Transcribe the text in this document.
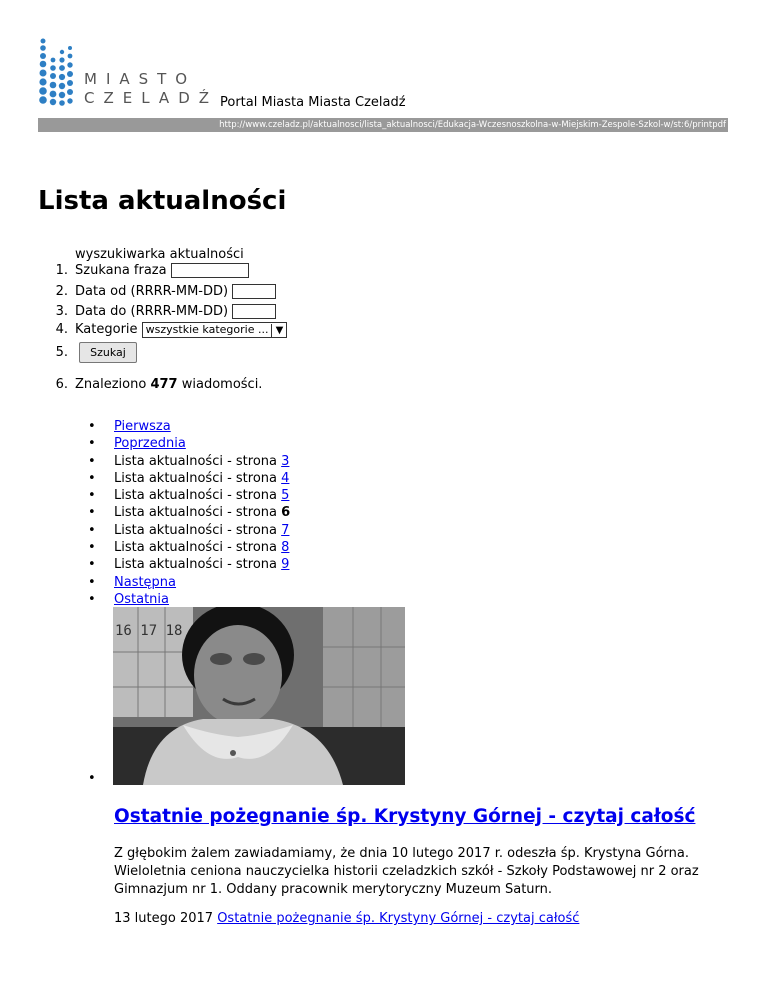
MIASTO
CZELADŹ Portal Miasta Miasta Czeladź
http://www.czeladz.pl/aktualnosci/lista_aktualnosci/Edukacja-Wczesnoszkolna-w-Miejskim-Zespole-Szkol-w/st:6/printpdf
Lista aktualności
wyszukiwarka aktualności
1. Szukana fraza
2. Data od (RRRR-MM-DD)
3. Data do (RRRR-MM-DD)
4. Kategorie wszystkie kategorie ... ▼
5. Szukaj
6. Znaleziono 477 wiadomości.
• Pierwsza
• Poprzednia
• Lista aktualności - strona 3
• Lista aktualności - strona 4
• Lista aktualności - strona 5
• Lista aktualności - strona 6
• Lista aktualności - strona 7
• Lista aktualności - strona 8
• Lista aktualności - strona 9
• Następna
• Ostatnia
16 17 18
•
Ostatnie pożegnanie śp. Krystyny Górnej - czytaj całość
Z głębokim żalem zawiadamiamy, że dnia 10 lutego 2017 r. odeszła śp. Krystyna Górna. Wieloletnia ceniona nauczycielka historii czeladzkich szkół - Szkoły Podstawowej nr 2 oraz Gimnazjum nr 1. Oddany pracownik merytoryczny Muzeum Saturn.
13 lutego 2017 Ostatnie pożegnanie śp. Krystyny Górnej - czytaj całość
